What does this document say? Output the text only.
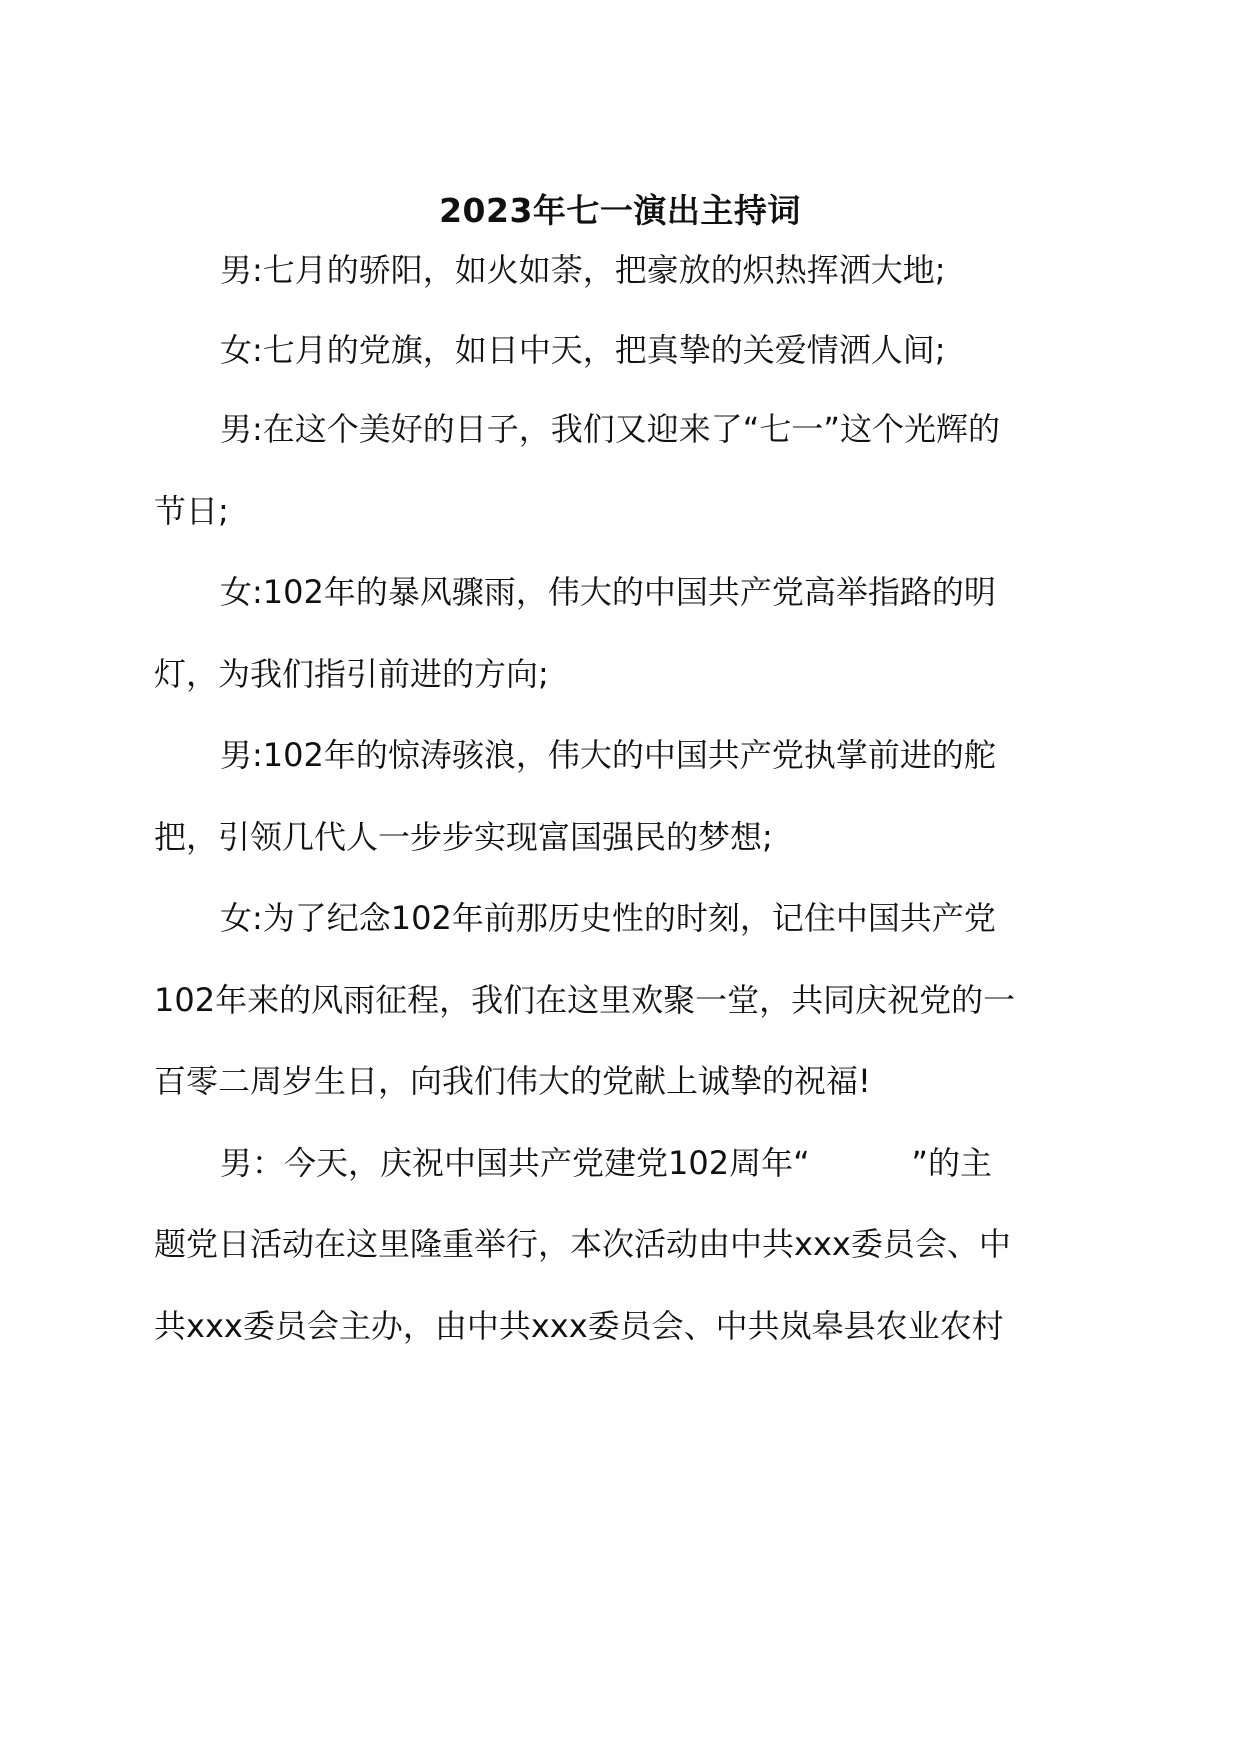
2023年七一演出主持词
男:七月的骄阳，如火如荼，把豪放的炽热挥洒大地;
女:七月的党旗，如日中天，把真挚的关爱情洒人间;
男:在这个美好的日子，我们又迎来了“七一”这个光辉的
节日;
女:102年的暴风骤雨，伟大的中国共产党高举指路的明
灯，为我们指引前进的方向;
男:102年的惊涛骇浪，伟大的中国共产党执掌前进的舵
把，引领几代人一步步实现富国强民的梦想;
女:为了纪念102年前那历史性的时刻，记住中国共产党
102年来的风雨征程，我们在这里欢聚一堂，共同庆祝党的一
百零二周岁生日，向我们伟大的党献上诚挚的祝福!
男：今天，庆祝中国共产党建党102周年“          ”的主
题党日活动在这里隆重举行，本次活动由中共xxx委员会、中
共xxx委员会主办，由中共xxx委员会、中共岚皋县农业农村
